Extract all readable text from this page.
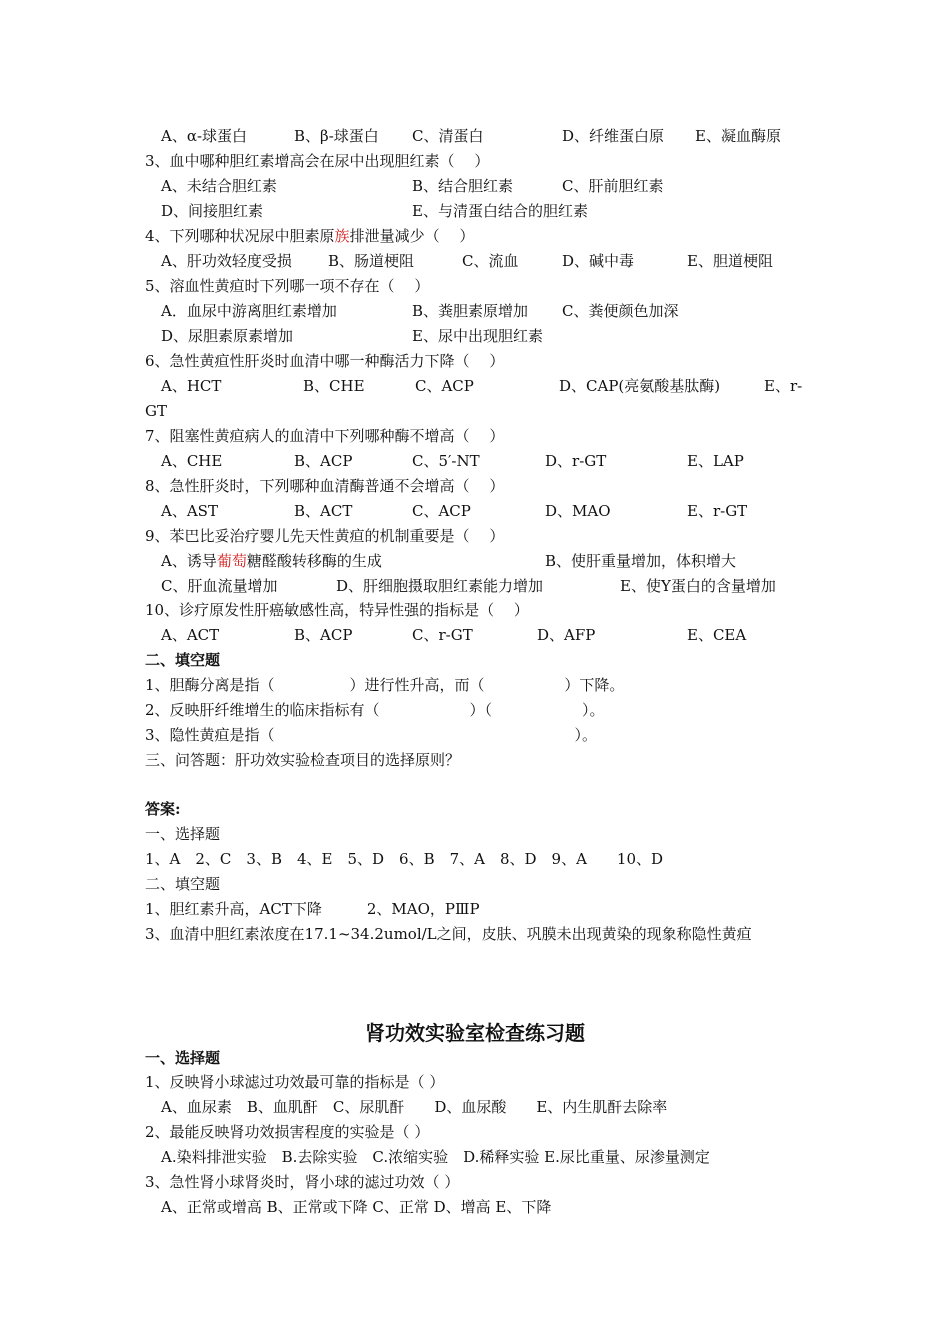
A、α-球蛋白	B、β-球蛋白 C、清蛋白	D、纤维蛋白原 E、凝血酶原
3、血中哪种胆红素增高会在尿中出现胆红素（　 ）
A、未结合胆红素	B、结合胆红素	C、肝前胆红素
D、间接胆红素	E、与清蛋白结合的胆红素
4、下列哪种状况尿中胆素原族排泄量减少（　 ）
A、肝功效轻度受损 B、肠道梗阻	C、流血	D、碱中毒	E、胆道梗阻
5、溶血性黄疸时下列哪一项不存在（　 ）
A．血尿中游离胆红素增加	B、粪胆素原增加 C、粪便颜色加深
D、尿胆素原素增加	E、尿中出现胆红素
6、急性黄疸性肝炎时血清中哪一种酶活力下降（　 ）
A、HCT	B、CHE	C、ACP	D、CAP(亮氨酸基肽酶)	E、r-
GT
7、阻塞性黄疸病人的血清中下列哪种酶不增高（　 ）
A、CHE	B、ACP	C、5′-NT	D、r-GT	E、LAP
8、急性肝炎时，下列哪种血清酶普通不会增高（　 ）
A、AST	B、ACT	C、ACP	D、MAO	E、r-GT
9、苯巴比妥治疗婴儿先天性黄疸的机制重要是（　 ）
A、诱导葡萄糖醛酸转移酶的生成	B、使肝重量增加，体积增大
C、肝血流量增加	D、肝细胞摄取胆红素能力增加	E、使Y蛋白的含量增加
10、诊疗原发性肝癌敏感性高，特异性强的指标是（　 ）
A、ACT	B、ACP	C、r-GT	D、AFP	E、CEA
二、填空题
1、胆酶分离是指（　　　　　）进行性升高，而（　　　　　 ）下降。
2、反映肝纤维增生的临床指标有（　　　　　　）（　　　　　　）。
3、隐性黄疸是指（　　　　　　　　　　　　　　　　　　　　）。
三、问答题：肝功效实验检查项目的选择原则？
答案:
一、选择题
1、A　2、C　3、B　4、E　5、D　6、B　7、A　8、D　9、A　　10、D
二、填空题
1、胆红素升高，ACT下降　　　2、MAO，PⅢP
3、血清中胆红素浓度在17.1~34.2umol/L之间，皮肤、巩膜未出现黄染的现象称隐性黄疸
肾功效实验室检查练习题
一、选择题
1、反映肾小球滤过功效最可靠的指标是（ ）
A、血尿素　B、血肌酐　C、尿肌酐　　D、血尿酸　　E、内生肌酐去除率
2、最能反映肾功效损害程度的实验是（ ）
A.染料排泄实验　B.去除实验　C.浓缩实验　D.稀释实验 E.尿比重量、尿渗量测定
3、急性肾小球肾炎时，肾小球的滤过功效（ ）
A、正常或增高 B、正常或下降 C、正常 D、增高 E、下降
